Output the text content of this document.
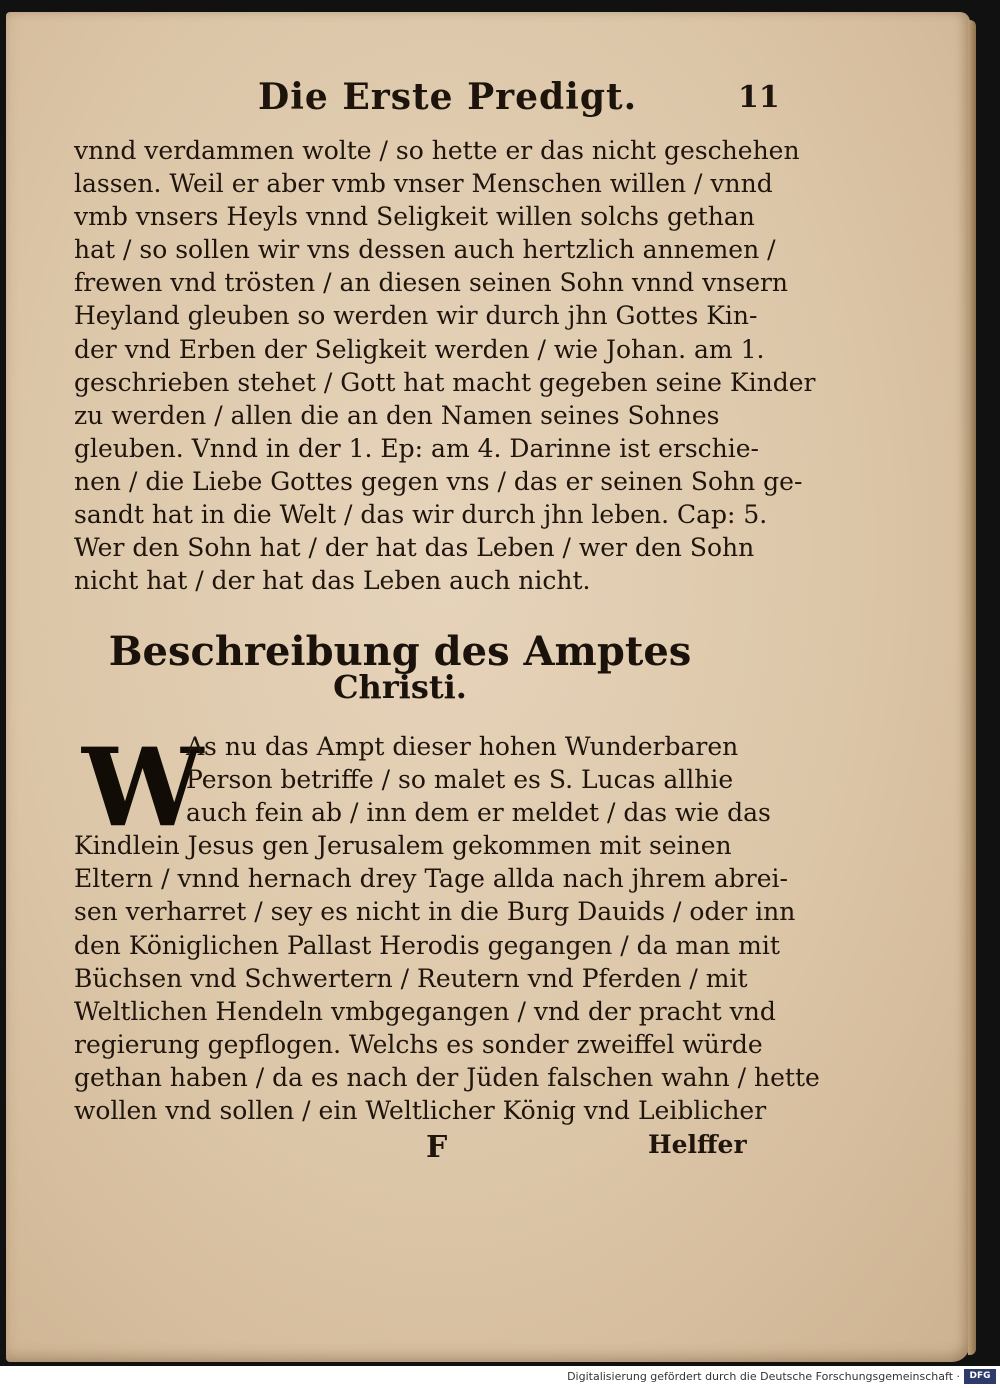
Die Erste Predigt.	11
vnnd verdammen wolte / so hette er das nicht geschehen
lassen. Weil er aber vmb vnser Menschen willen / vnnd
vmb vnsers Heyls vnnd Seligkeit willen solchs gethan
hat / so sollen wir vns dessen auch hertzlich annemen /
frewen vnd trösten / an diesen seinen Sohn vnnd vnsern
Heyland gleuben so werden wir durch jhn Gottes Kin-
der vnd Erben der Seligkeit werden / wie Johan. am 1.
geschrieben stehet / Gott hat macht gegeben seine Kinder
zu werden / allen die an den Namen seines Sohnes
gleuben. Vnnd in der 1. Ep: am 4. Darinne ist erschie-
nen / die Liebe Gottes gegen vns / das er seinen Sohn ge-
sandt hat in die Welt / das wir durch jhn leben. Cap: 5.
Wer den Sohn hat / der hat das Leben / wer den Sohn
nicht hat / der hat das Leben auch nicht.
Beschreibung des Amptes
Christi.
W
As nu das Ampt dieser hohen Wunderbaren
Person betriffe / so malet es S. Lucas allhie
auch fein ab / inn dem er meldet / das wie das
Kindlein Jesus gen Jerusalem gekommen mit seinen
Eltern / vnnd hernach drey Tage allda nach jhrem abrei-
sen verharret / sey es nicht in die Burg Dauids / oder inn
den Königlichen Pallast Herodis gegangen / da man mit
Büchsen vnd Schwertern / Reutern vnd Pferden / mit
Weltlichen Hendeln vmbgegangen / vnd der pracht vnd
regierung gepflogen. Welchs es sonder zweiffel würde
gethan haben / da es nach der Jüden falschen wahn / hette
wollen vnd sollen / ein Weltlicher König vnd Leiblicher
F	Helffer
Digitalisierung gefördert durch die Deutsche Forschungsgemeinschaft ·	DFG
